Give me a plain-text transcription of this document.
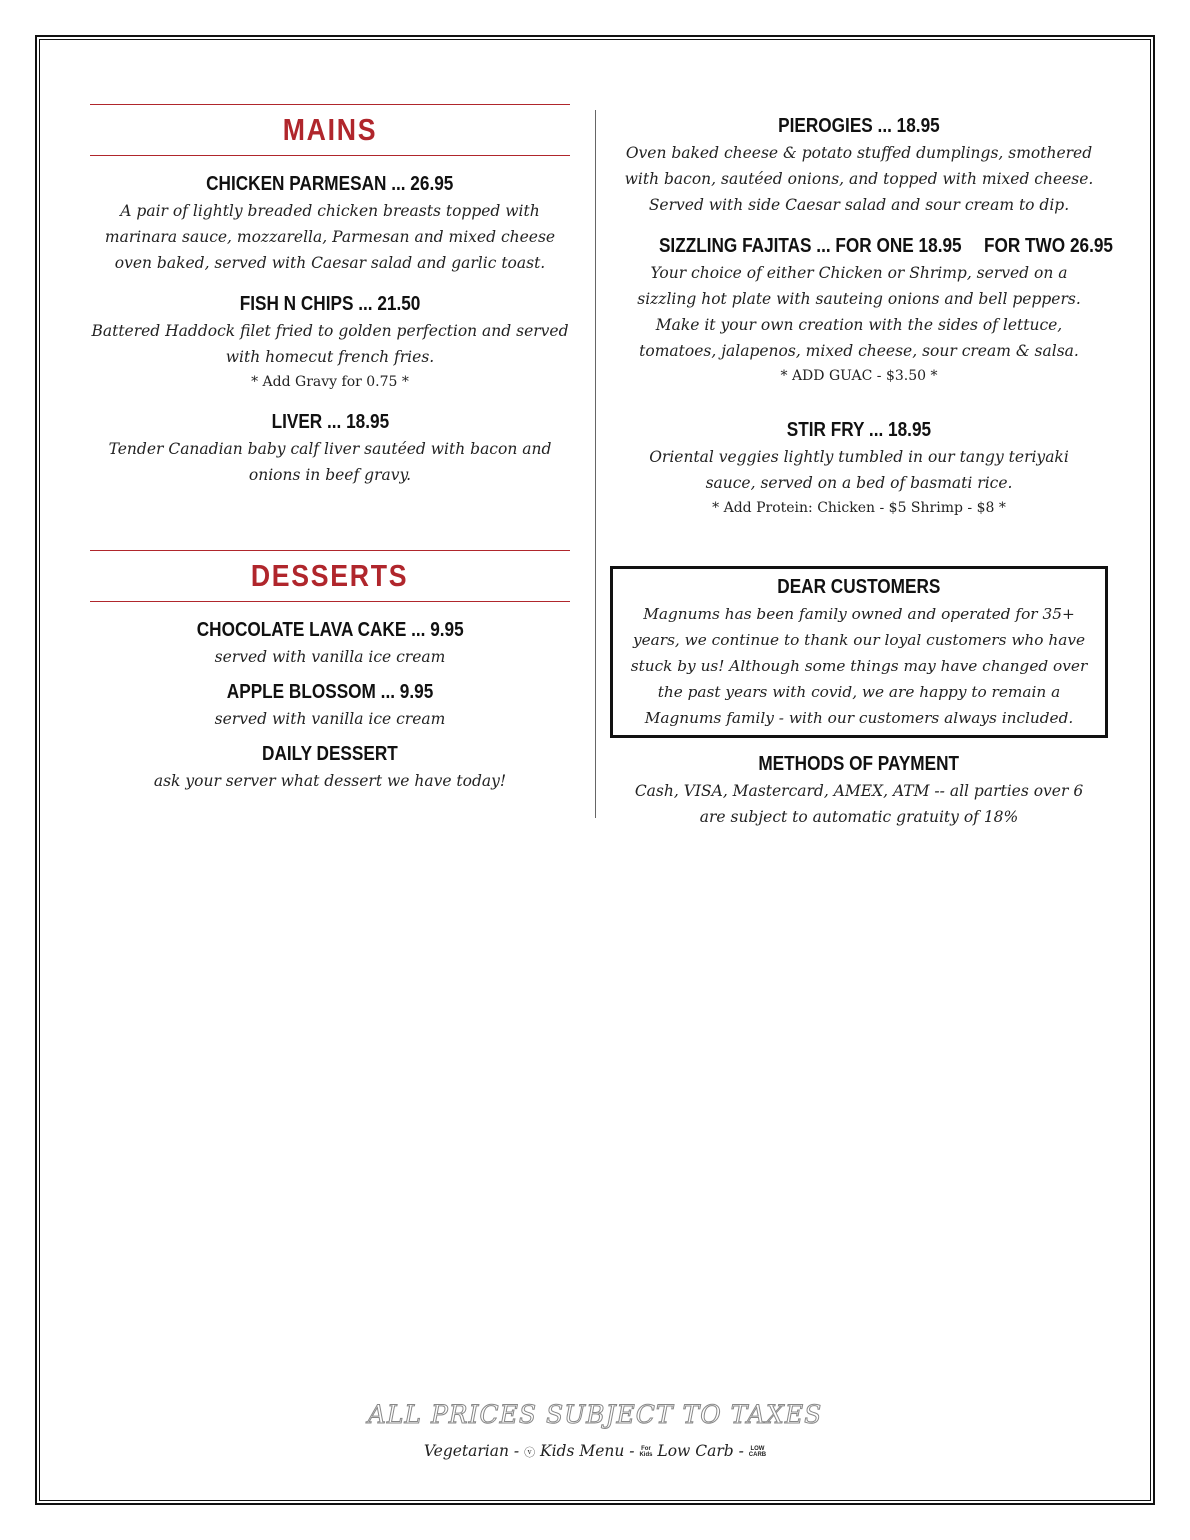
MAINS
CHICKEN PARMESAN ... 26.95
A pair of lightly breaded chicken breasts topped with marinara sauce, mozzarella, Parmesan and mixed cheese oven baked, served with Caesar salad and garlic toast.
FISH N CHIPS ... 21.50
Battered Haddock filet fried to golden perfection and served with homecut french fries.
* Add Gravy for 0.75 *
LIVER ... 18.95
Tender Canadian baby calf liver sautéed with bacon and onions in beef gravy.
DESSERTS
CHOCOLATE LAVA CAKE ... 9.95
served with vanilla ice cream
APPLE BLOSSOM ... 9.95
served with vanilla ice cream
DAILY DESSERT
ask your server what dessert we have today!
PIEROGIES ... 18.95
Oven baked cheese & potato stuffed dumplings, smothered with bacon, sautéed onions, and topped with mixed cheese. Served with side Caesar salad and sour cream to dip.
SIZZLING FAJITAS ... FOR ONE 18.95 FOR TWO 26.95
Your choice of either Chicken or Shrimp, served on a sizzling hot plate with sauteing onions and bell peppers. Make it your own creation with the sides of lettuce, tomatoes, jalapenos, mixed cheese, sour cream & salsa.
* ADD GUAC - $3.50 *
STIR FRY ... 18.95
Oriental veggies lightly tumbled in our tangy teriyaki sauce, served on a bed of basmati rice.
* Add Protein: Chicken - $5 Shrimp - $8 *
DEAR CUSTOMERS
Magnums has been family owned and operated for 35+ years, we continue to thank our loyal customers who have stuck by us! Although some things may have changed over the past years with covid, we are happy to remain a Magnums family - with our customers always included.
METHODS OF PAYMENT
Cash, VISA, Mastercard, AMEX, ATM -- all parties over 6 are subject to automatic gratuity of 18%
ALL PRICES SUBJECT TO TAXES
Vegetarian - ⓥ Kids Menu - For
Kids Low Carb - LOW
CARB
